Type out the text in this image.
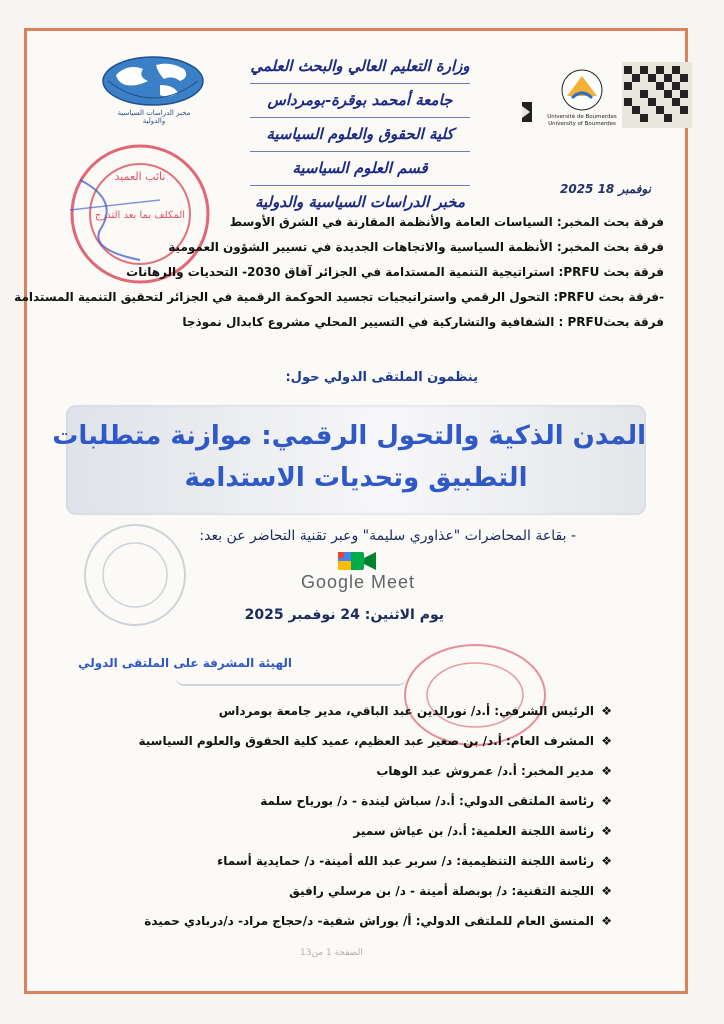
مخبر الدراسات السياسية والدولية
وزارة التعليم العالي والبحث العلمي
جامعة أمحمد بوقرة-بومرداس
كلية الحقوق والعلوم السياسية
قسم العلوم السياسية
مخبر الدراسات السياسية والدولية
Université de Boumerdes
University of Boumerdes
نائب العميد
المكلف بما بعد التدرج
2025 نوفمبر 18
فرقة بحث المخبر: السياسات العامة والأنظمة المقارنة في الشرق الأوسط
فرقة بحث المخبر: الأنظمة السياسية والاتجاهات الجديدة في تسيير الشؤون العمومية
فرقة بحث PRFU: استراتيجية التنمية المستدامة في الجزائر آفاق 2030- التحديات والرهانات
-فرقة بحث PRFU: التحول الرقمي واستراتيجيات تجسيد الحوكمة الرقمية في الجزائر لتحقيق التنمية المستدامة
فرقة بحثPRFU : الشفافية والتشاركية في التسيير المحلي مشروع كابدال نموذجا
ينظمون الملتقى الدولي حول:
المدن الذكية والتحول الرقمي: موازنة متطلبات
التطبيق وتحديات الاستدامة
- بقاعة المحاضرات "عذاوري سليمة" وعبر تقنية التحاضر عن بعد:
Google Meet
يوم الاثنين: 24 نوفمبر 2025
الهيئة المشرفة على الملتقى الدولي
❖الرئيس الشرفي: أ.د/ نورالدين عبد الباقي، مدير جامعة بومرداس
❖المشرف العام: أ.د/ بن صغير عبد العظيم، عميد كلية الحقوق والعلوم السياسية
❖مدير المخبر: أ.د/ عمروش عبد الوهاب
❖رئاسة الملتقى الدولي: أ.د/ سباش ليندة - د/ بورياح سلمة
❖رئاسة اللجنة العلمية: أ.د/ بن عياش سمير
❖رئاسة اللجنة التنظيمية: د/ سربر عبد الله أمينة- د/ حمايدية أسماء
❖اللجنة التقنية: د/ بوبصلة أمينة - د/ بن مرسلي رافيق
❖المنسق العام للملتقى الدولي: أ/ بوراش شفية- د/حجاج مراد- د/دربادي حميدة
الصفحة 1 من13
